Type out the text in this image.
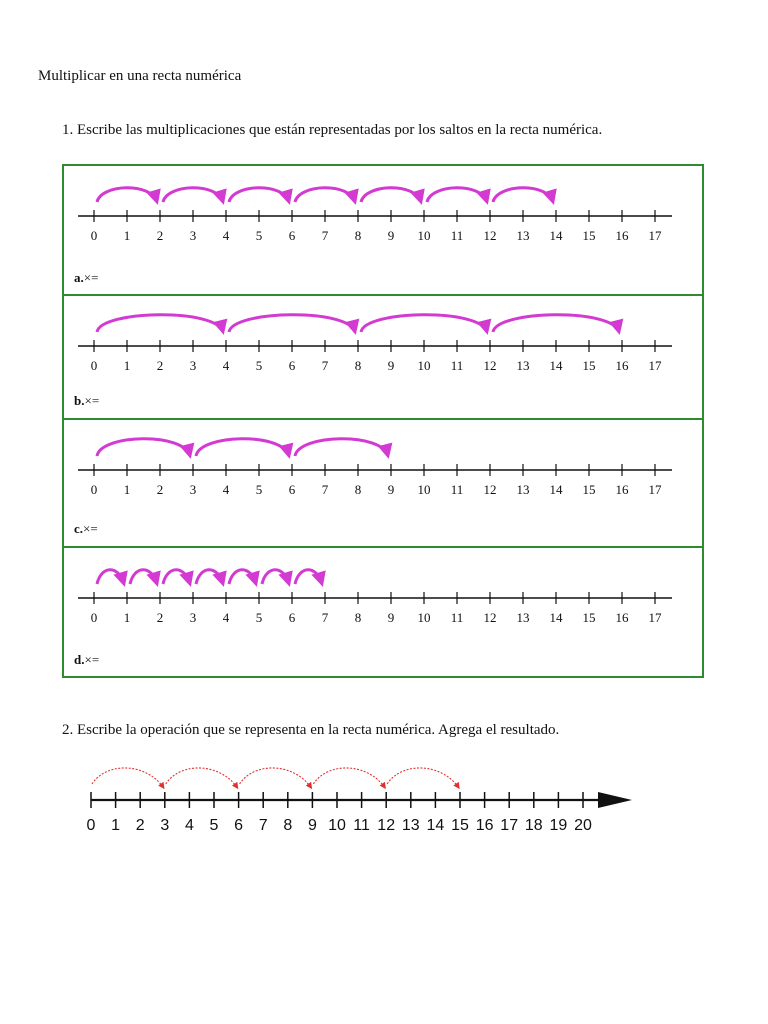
Multiplicar en una recta numérica
1. Escribe las multiplicaciones que están representadas por los saltos en la recta numérica.
0 1 2 3 4 5 6 7 8 9 10 11 12 13 14 15 16 17
a.×=
0 1 2 3 4 5 6 7 8 9 10 11 12 13 14 15 16 17
b.×=
0 1 2 3 4 5 6 7 8 9 10 11 12 13 14 15 16 17
c.×=
0 1 2 3 4 5 6 7 8 9 10 11 12 13 14 15 16 17
d.×=
2. Escribe la operación que se representa en la recta numérica. Agrega el resultado.
0 1 2 3 4 5 6 7 8 9 10 11 12 13 14 15 16 17 18 19 20
